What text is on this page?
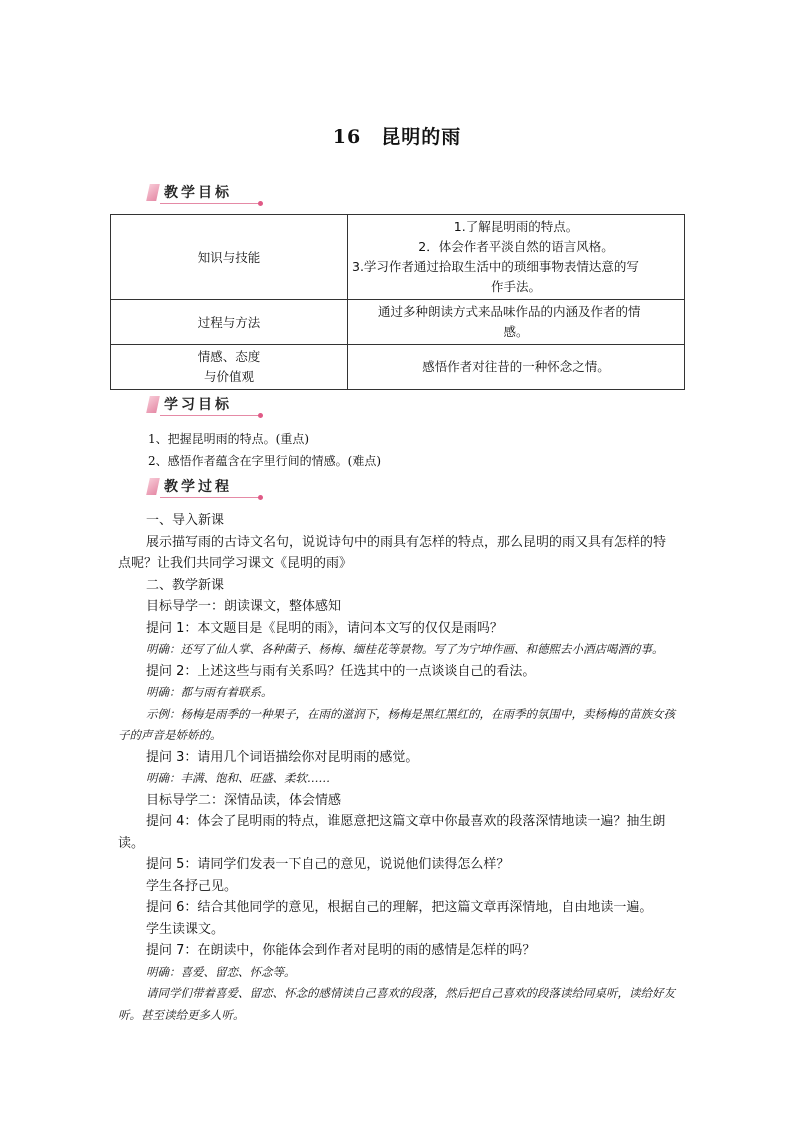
16　昆明的雨
教学目标
知识与技能	1.了解昆明雨的特点。
2．体会作者平淡自然的语言风格。
3.学习作者通过拾取生活中的琐细事物表情达意的写
作手法。

过程与方法	通过多种朗读方式来品味作品的内涵及作者的情
感。

情感、态度
与价值观	感悟作者对往昔的一种怀念之情。
学习目标
1、把握昆明雨的特点。(重点)
2、感悟作者蕴含在字里行间的情感。(难点)
教学过程
一、导入新课
展示描写雨的古诗文名句，说说诗句中的雨具有怎样的特点，那么昆明的雨又具有怎样的特点呢？让我们共同学习课文《昆明的雨》
二、教学新课
目标导学一：朗读课文，整体感知
提问 1：本文题目是《昆明的雨》，请问本文写的仅仅是雨吗？
明确：还写了仙人掌、各种菌子、杨梅、缅桂花等景物。写了为宁坤作画、和德熙去小酒店喝酒的事。
提问 2：上述这些与雨有关系吗？任选其中的一点谈谈自己的看法。
明确：都与雨有着联系。
示例：杨梅是雨季的一种果子，在雨的滋润下，杨梅是黑红黑红的，在雨季的氛围中，卖杨梅的苗族女孩子的声音是娇娇的。
提问 3：请用几个词语描绘你对昆明雨的感觉。
明确：丰满、饱和、旺盛、柔软……
目标导学二：深情品读，体会情感
提问 4：体会了昆明雨的特点，谁愿意把这篇文章中你最喜欢的段落深情地读一遍？抽生朗读。
提问 5：请同学们发表一下自己的意见，说说他们读得怎么样？
学生各抒己见。
提问 6：结合其他同学的意见，根据自己的理解，把这篇文章再深情地，自由地读一遍。
学生读课文。
提问 7：在朗读中，你能体会到作者对昆明的雨的感情是怎样的吗？
明确：喜爱、留恋、怀念等。
请同学们带着喜爱、留恋、怀念的感情读自己喜欢的段落，然后把自己喜欢的段落读给同桌听，读给好友听。甚至读给更多人听。
